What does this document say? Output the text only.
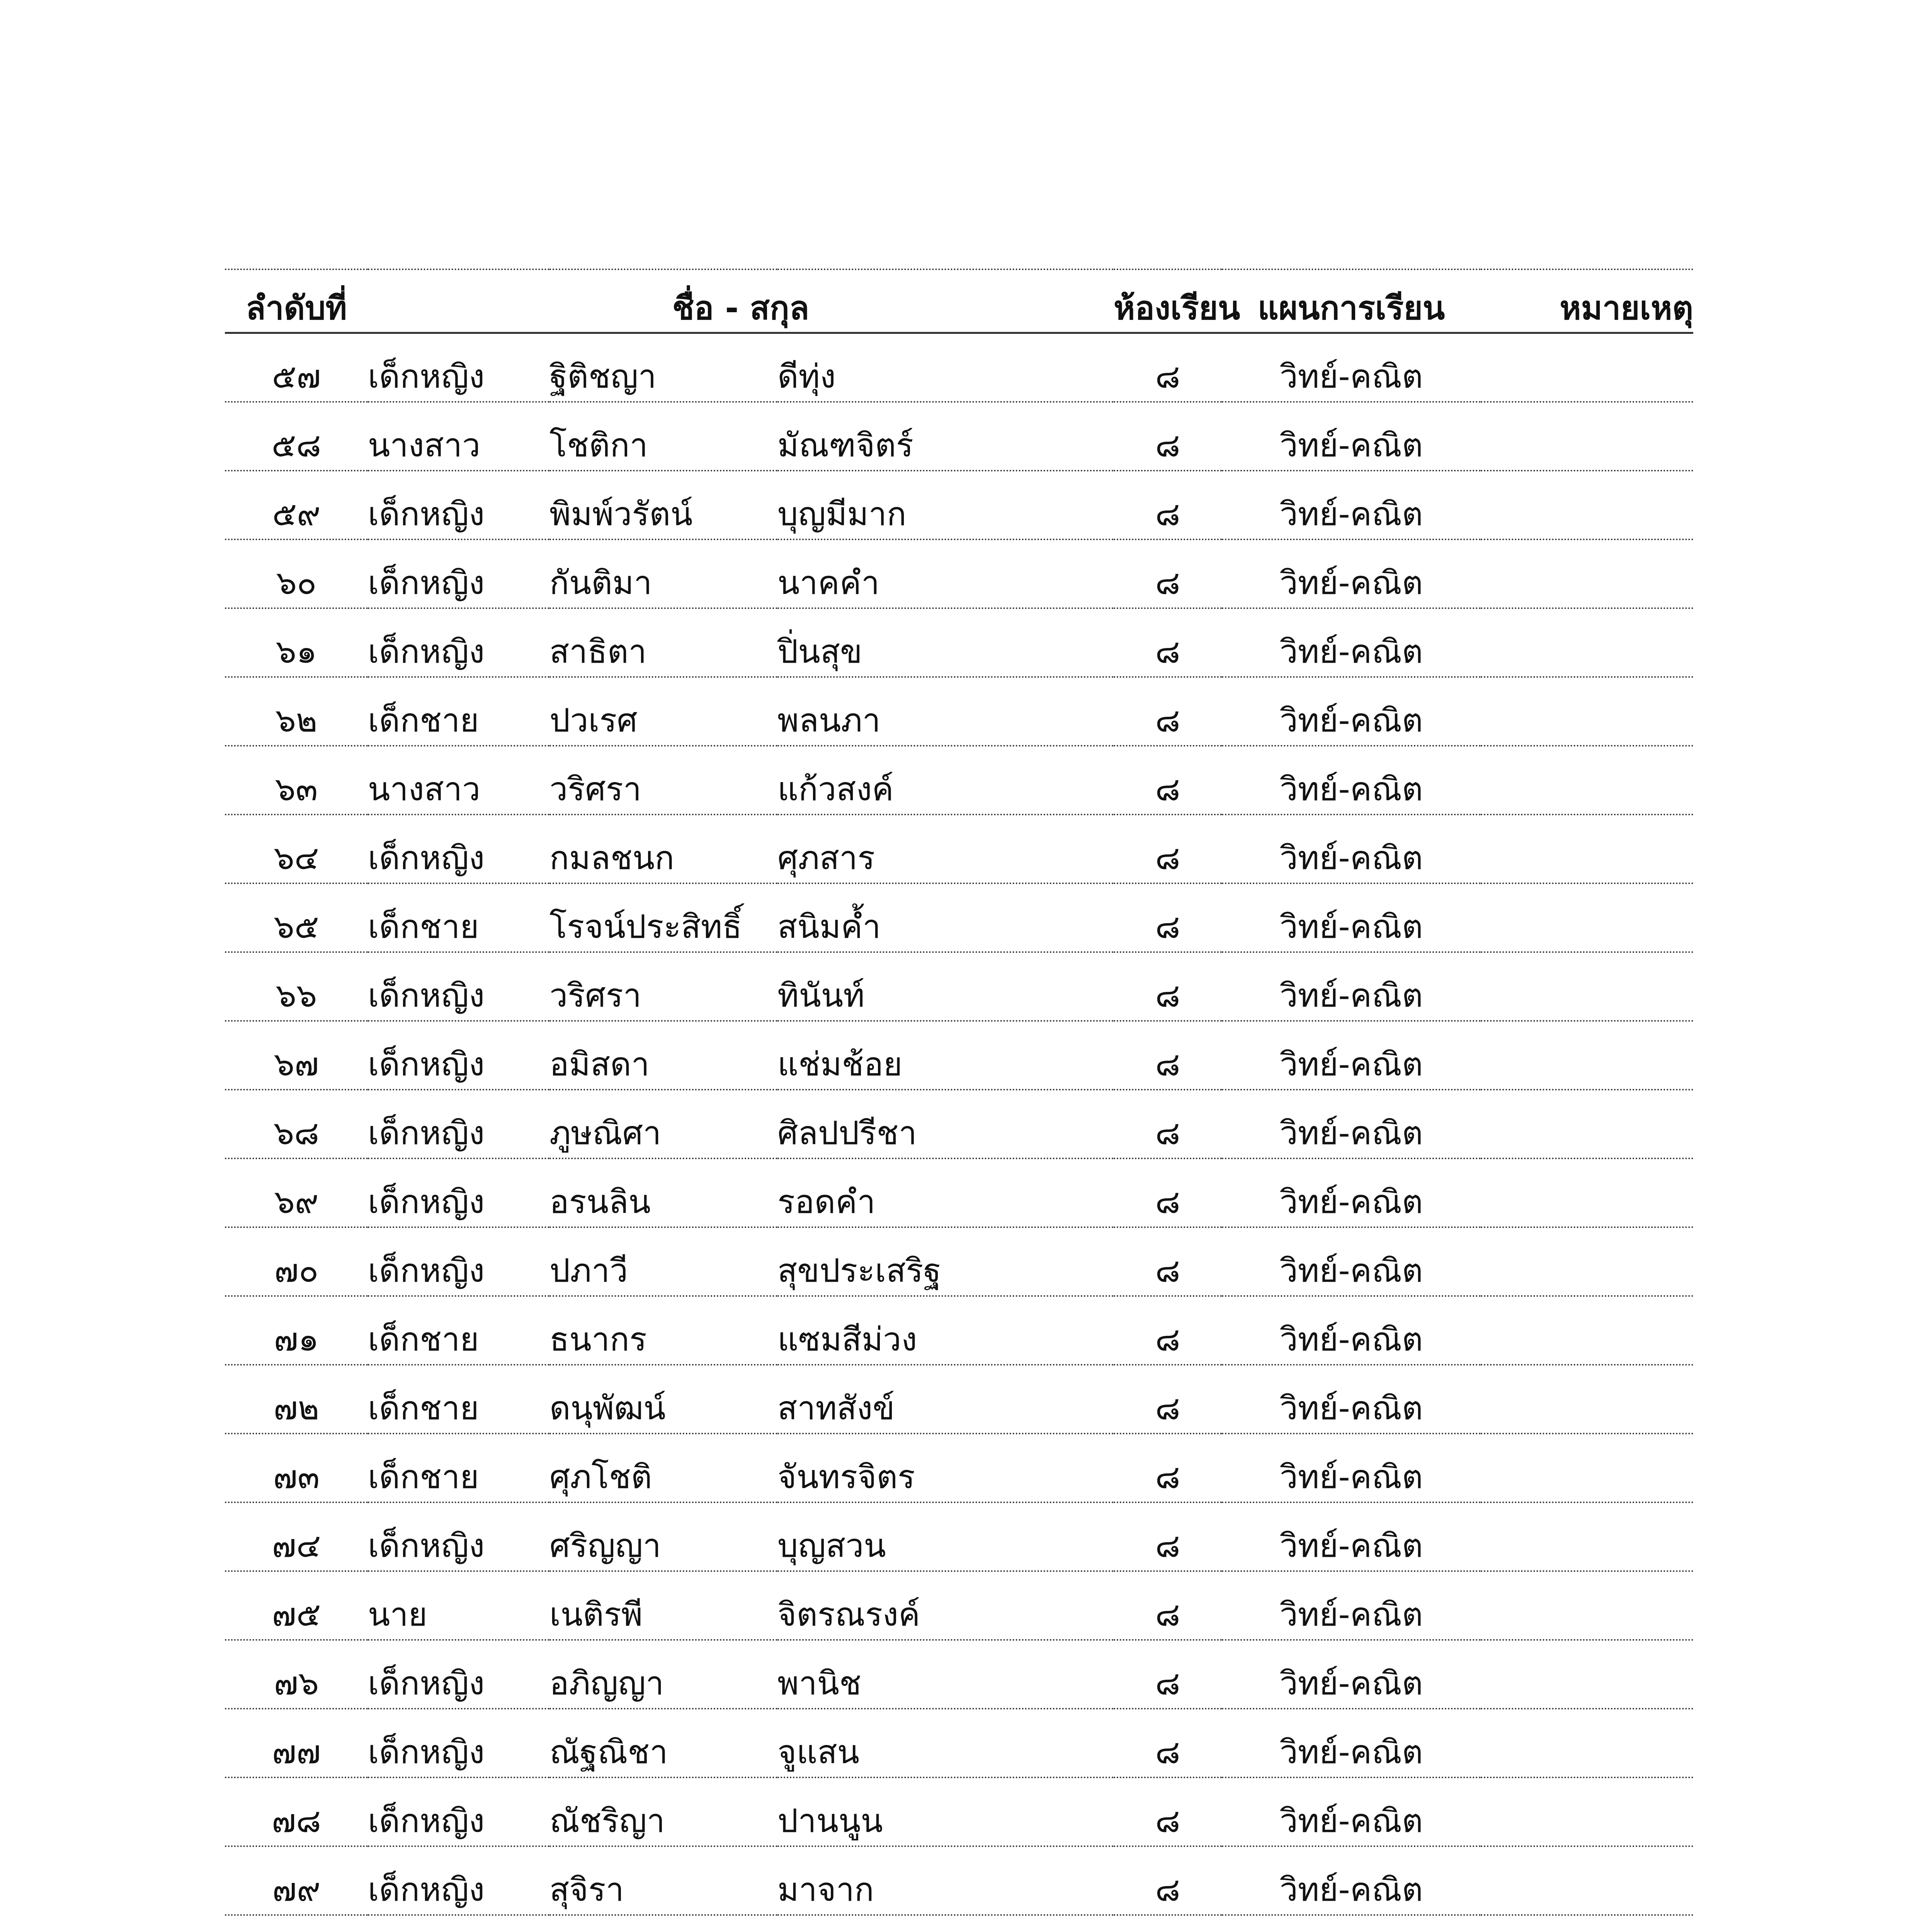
ลำดับที่	ชื่อ - สกุล			ห้องเรียน	แผนการเรียน	หมายเหตุ
๕๗	เด็กหญิง	ฐิติชญา	ดีทุ่ง	๘	วิทย์-คณิต	
๕๘	นางสาว	โชติกา	มัณฑจิตร์	๘	วิทย์-คณิต	
๕๙	เด็กหญิง	พิมพ์วรัตน์	บุญมีมาก	๘	วิทย์-คณิต	
๖๐	เด็กหญิง	กันติมา	นาคคำ	๘	วิทย์-คณิต	
๖๑	เด็กหญิง	สาธิตา	ปิ่นสุข	๘	วิทย์-คณิต	
๖๒	เด็กชาย	ปวเรศ	พลนภา	๘	วิทย์-คณิต	
๖๓	นางสาว	วริศรา	แก้วสงค์	๘	วิทย์-คณิต	
๖๔	เด็กหญิง	กมลชนก	ศุภสาร	๘	วิทย์-คณิต	
๖๕	เด็กชาย	โรจน์ประสิทธิ์	สนิมค้ำ	๘	วิทย์-คณิต	
๖๖	เด็กหญิง	วริศรา	ทินันท์	๘	วิทย์-คณิต	
๖๗	เด็กหญิง	อมิสดา	แช่มช้อย	๘	วิทย์-คณิต	
๖๘	เด็กหญิง	ภูษณิศา	ศิลปปรีชา	๘	วิทย์-คณิต	
๖๙	เด็กหญิง	อรนลิน	รอดคำ	๘	วิทย์-คณิต	
๗๐	เด็กหญิง	ปภาวี	สุขประเสริฐ	๘	วิทย์-คณิต	
๗๑	เด็กชาย	ธนากร	แซมสีม่วง	๘	วิทย์-คณิต	
๗๒	เด็กชาย	ดนุพัฒน์	สาทสังข์	๘	วิทย์-คณิต	
๗๓	เด็กชาย	ศุภโชติ	จันทรจิตร	๘	วิทย์-คณิต	
๗๔	เด็กหญิง	ศริญญา	บุญสวน	๘	วิทย์-คณิต	
๗๕	นาย	เนติรพี	จิตรณรงค์	๘	วิทย์-คณิต	
๗๖	เด็กหญิง	อภิญญา	พานิช	๘	วิทย์-คณิต	
๗๗	เด็กหญิง	ณัฐณิชา	จูแสน	๘	วิทย์-คณิต	
๗๘	เด็กหญิง	ณัชริญา	ปานนูน	๘	วิทย์-คณิต	
๗๙	เด็กหญิง	สุจิรา	มาจาก	๘	วิทย์-คณิต	
